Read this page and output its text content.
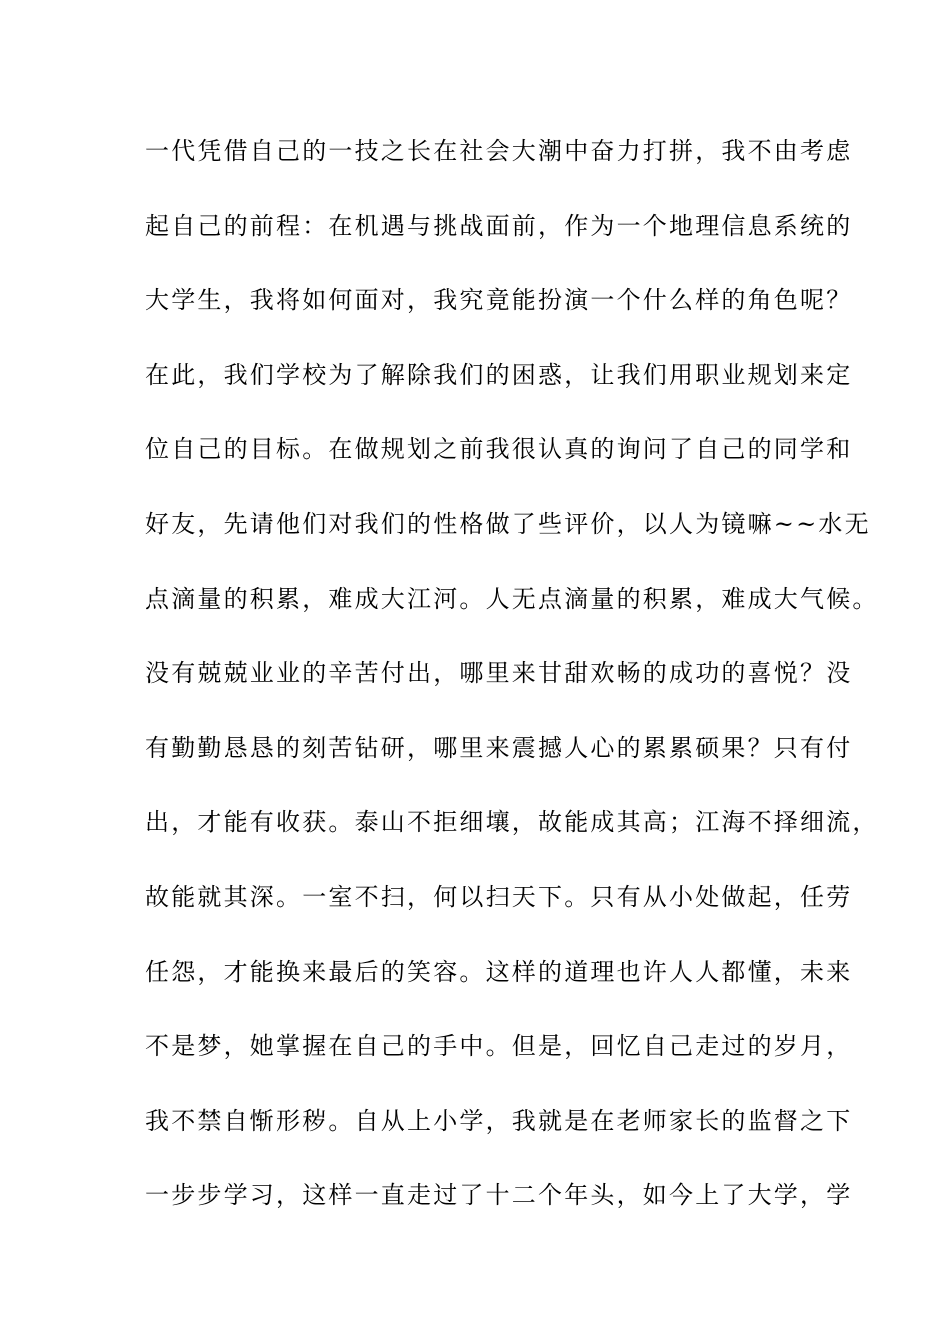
一代凭借自己的一技之长在社会大潮中奋力打拼，我不由考虑
起自己的前程：在机遇与挑战面前，作为一个地理信息系统的
大学生，我将如何面对，我究竟能扮演一个什么样的角色呢？
在此，我们学校为了解除我们的困惑，让我们用职业规划来定
位自己的目标。在做规划之前我很认真的询问了自己的同学和
好友，先请他们对我们的性格做了些评价，以人为镜嘛~~水无
点滴量的积累，难成大江河。人无点滴量的积累，难成大气候。
没有兢兢业业的辛苦付出，哪里来甘甜欢畅的成功的喜悦？没
有勤勤恳恳的刻苦钻研，哪里来震撼人心的累累硕果？只有付
出，才能有收获。泰山不拒细壤，故能成其高；江海不择细流，
故能就其深。一室不扫，何以扫天下。只有从小处做起，任劳
任怨，才能换来最后的笑容。这样的道理也许人人都懂，未来
不是梦，她掌握在自己的手中。但是，回忆自己走过的岁月，
我不禁自惭形秽。自从上小学，我就是在老师家长的监督之下
一步步学习，这样一直走过了十二个年头，如今上了大学，学
